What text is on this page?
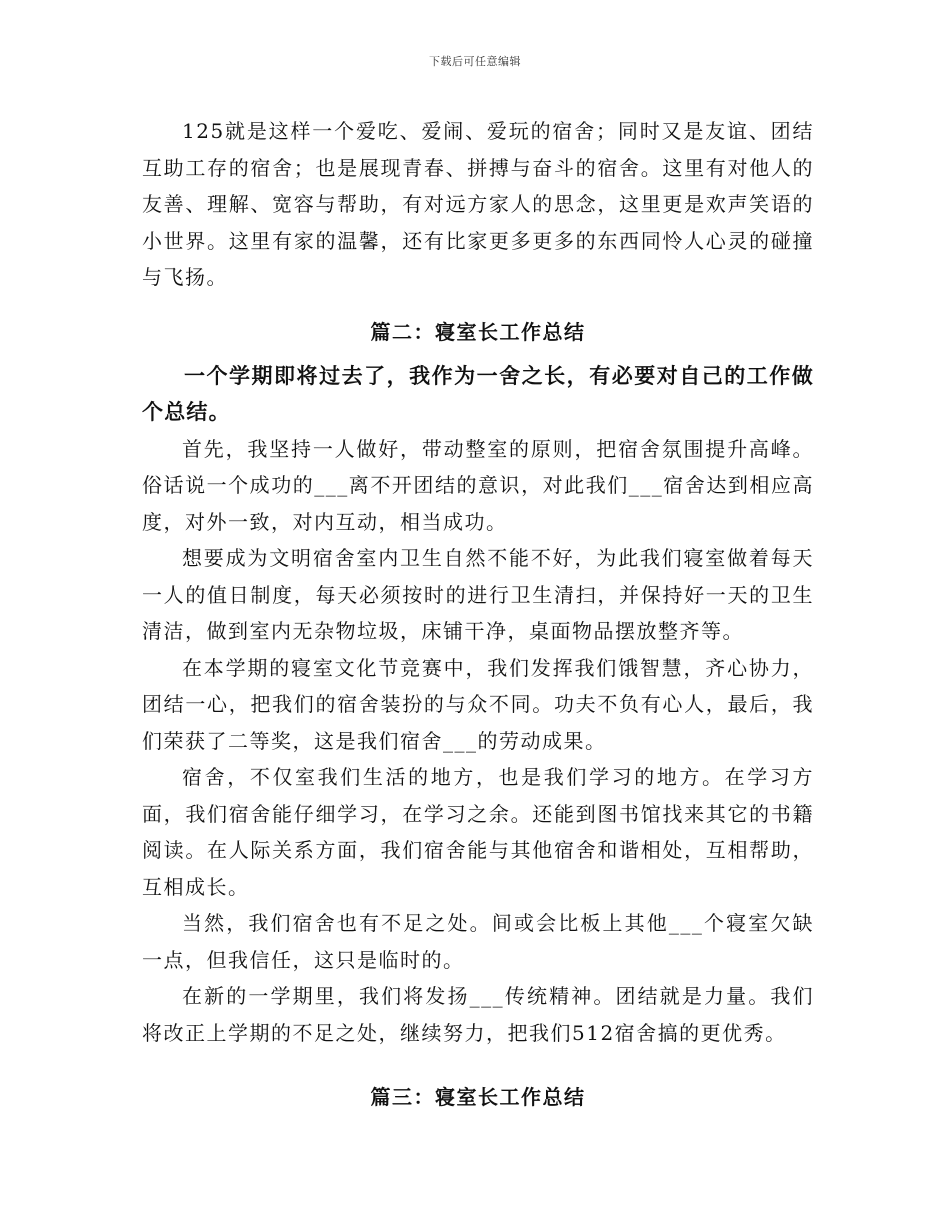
下载后可任意编辑

125就是这样一个爱吃、爱闹、爱玩的宿舍；同时又是友谊、团结互助工存的宿舍；也是展现青春、拼搏与奋斗的宿舍。这里有对他人的友善、理解、宽容与帮助，有对远方家人的思念，这里更是欢声笑语的小世界。这里有家的温馨，还有比家更多更多的东西同怜人心灵的碰撞与飞扬。

篇二：寝室长工作总结

一个学期即将过去了，我作为一舍之长，有必要对自己的工作做个总结。

首先，我坚持一人做好，带动整室的原则，把宿舍氛围提升高峰。俗话说一个成功的___离不开团结的意识，对此我们___宿舍达到相应高度，对外一致，对内互动，相当成功。

想要成为文明宿舍室内卫生自然不能不好，为此我们寝室做着每天一人的值日制度，每天必须按时的进行卫生清扫，并保持好一天的卫生清洁，做到室内无杂物垃圾，床铺干净，桌面物品摆放整齐等。

在本学期的寝室文化节竞赛中，我们发挥我们饿智慧，齐心协力，团结一心，把我们的宿舍装扮的与众不同。功夫不负有心人，最后，我们荣获了二等奖，这是我们宿舍___的劳动成果。

宿舍，不仅室我们生活的地方，也是我们学习的地方。在学习方面，我们宿舍能仔细学习，在学习之余。还能到图书馆找来其它的书籍阅读。在人际关系方面，我们宿舍能与其他宿舍和谐相处，互相帮助，互相成长。

当然，我们宿舍也有不足之处。间或会比板上其他___个寝室欠缺一点，但我信任，这只是临时的。

在新的一学期里，我们将发扬___传统精神。团结就是力量。我们将改正上学期的不足之处，继续努力，把我们512宿舍搞的更优秀。

篇三：寝室长工作总结
